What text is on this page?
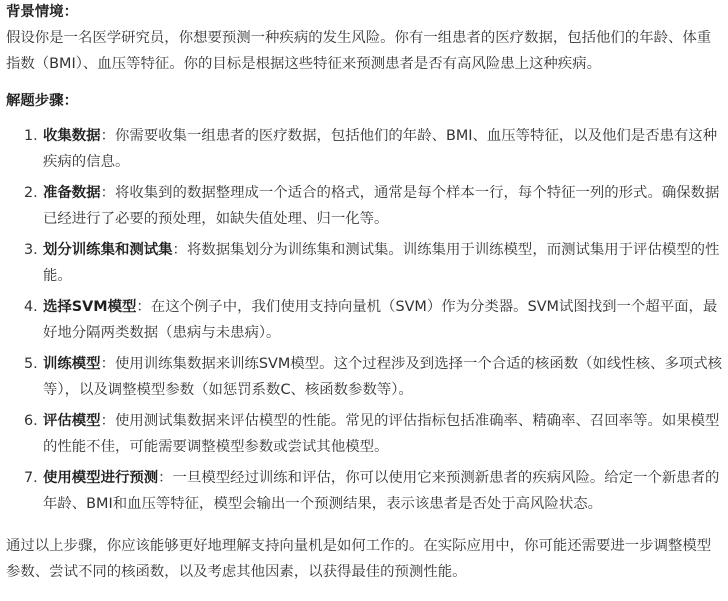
背景情境：

假设你是一名医学研究员，你想要预测一种疾病的发生风险。你有一组患者的医疗数据，包括他们的年龄、体重指数（BMI）、血压等特征。你的目标是根据这些特征来预测患者是否有高风险患上这种疾病。

解题步骤：

1. 收集数据：你需要收集一组患者的医疗数据，包括他们的年龄、BMI、血压等特征，以及他们是否患有这种疾病的信息。
2. 准备数据：将收集到的数据整理成一个适合的格式，通常是每个样本一行，每个特征一列的形式。确保数据已经进行了必要的预处理，如缺失值处理、归一化等。
3. 划分训练集和测试集：将数据集划分为训练集和测试集。训练集用于训练模型，而测试集用于评估模型的性能。
4. 选择SVM模型：在这个例子中，我们使用支持向量机（SVM）作为分类器。SVM试图找到一个超平面，最好地分隔两类数据（患病与未患病）。
5. 训练模型：使用训练集数据来训练SVM模型。这个过程涉及到选择一个合适的核函数（如线性核、多项式核等），以及调整模型参数（如惩罚系数C、核函数参数等）。
6. 评估模型：使用测试集数据来评估模型的性能。常见的评估指标包括准确率、精确率、召回率等。如果模型的性能不佳，可能需要调整模型参数或尝试其他模型。
7. 使用模型进行预测：一旦模型经过训练和评估，你可以使用它来预测新患者的疾病风险。给定一个新患者的年龄、BMI和血压等特征，模型会输出一个预测结果，表示该患者是否处于高风险状态。

通过以上步骤，你应该能够更好地理解支持向量机是如何工作的。在实际应用中，你可能还需要进一步调整模型参数、尝试不同的核函数，以及考虑其他因素，以获得最佳的预测性能。
